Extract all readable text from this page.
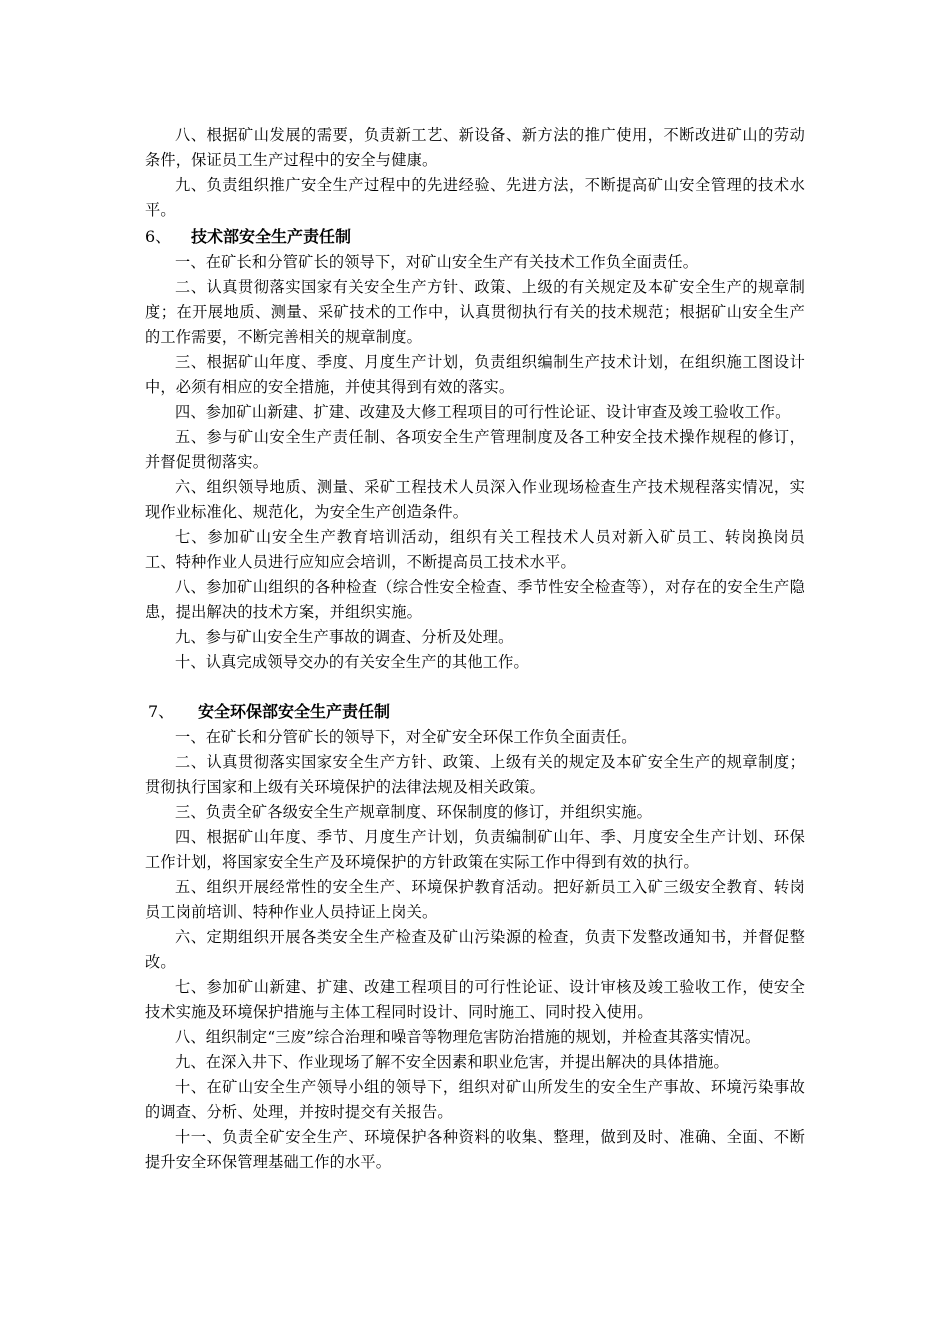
八、根据矿山发展的需要，负责新工艺、新设备、新方法的推广使用，不断改进矿山的劳动条件，保证员工生产过程中的安全与健康。

九、负责组织推广安全生产过程中的先进经验、先进方法，不断提高矿山安全管理的技术水平。

6、 技术部安全生产责任制

一、在矿长和分管矿长的领导下，对矿山安全生产有关技术工作负全面责任。

二、认真贯彻落实国家有关安全生产方针、政策、上级的有关规定及本矿安全生产的规章制度；在开展地质、测量、采矿技术的工作中，认真贯彻执行有关的技术规范；根据矿山安全生产的工作需要，不断完善相关的规章制度。

三、根据矿山年度、季度、月度生产计划，负责组织编制生产技术计划，在组织施工图设计中，必须有相应的安全措施，并使其得到有效的落实。

四、参加矿山新建、扩建、改建及大修工程项目的可行性论证、设计审查及竣工验收工作。

五、参与矿山安全生产责任制、各项安全生产管理制度及各工种安全技术操作规程的修订，并督促贯彻落实。

六、组织领导地质、测量、采矿工程技术人员深入作业现场检查生产技术规程落实情况，实现作业标准化、规范化，为安全生产创造条件。

七、参加矿山安全生产教育培训活动，组织有关工程技术人员对新入矿员工、转岗换岗员工、特种作业人员进行应知应会培训，不断提高员工技术水平。

八、参加矿山组织的各种检查（综合性安全检查、季节性安全检查等），对存在的安全生产隐患，提出解决的技术方案，并组织实施。

九、参与矿山安全生产事故的调查、分析及处理。

十、认真完成领导交办的有关安全生产的其他工作。

7、 安全环保部安全生产责任制

一、在矿长和分管矿长的领导下，对全矿安全环保工作负全面责任。

二、认真贯彻落实国家安全生产方针、政策、上级有关的规定及本矿安全生产的规章制度；贯彻执行国家和上级有关环境保护的法律法规及相关政策。

三、负责全矿各级安全生产规章制度、环保制度的修订，并组织实施。

四、根据矿山年度、季节、月度生产计划，负责编制矿山年、季、月度安全生产计划、环保工作计划，将国家安全生产及环境保护的方针政策在实际工作中得到有效的执行。

五、组织开展经常性的安全生产、环境保护教育活动。把好新员工入矿三级安全教育、转岗员工岗前培训、特种作业人员持证上岗关。

六、定期组织开展各类安全生产检查及矿山污染源的检查，负责下发整改通知书，并督促整改。

七、参加矿山新建、扩建、改建工程项目的可行性论证、设计审核及竣工验收工作，使安全技术实施及环境保护措施与主体工程同时设计、同时施工、同时投入使用。

八、组织制定“三废”综合治理和噪音等物理危害防治措施的规划，并检查其落实情况。

九、在深入井下、作业现场了解不安全因素和职业危害，并提出解决的具体措施。

十、在矿山安全生产领导小组的领导下，组织对矿山所发生的安全生产事故、环境污染事故的调查、分析、处理，并按时提交有关报告。

十一、负责全矿安全生产、环境保护各种资料的收集、整理，做到及时、准确、全面、不断提升安全环保管理基础工作的水平。
